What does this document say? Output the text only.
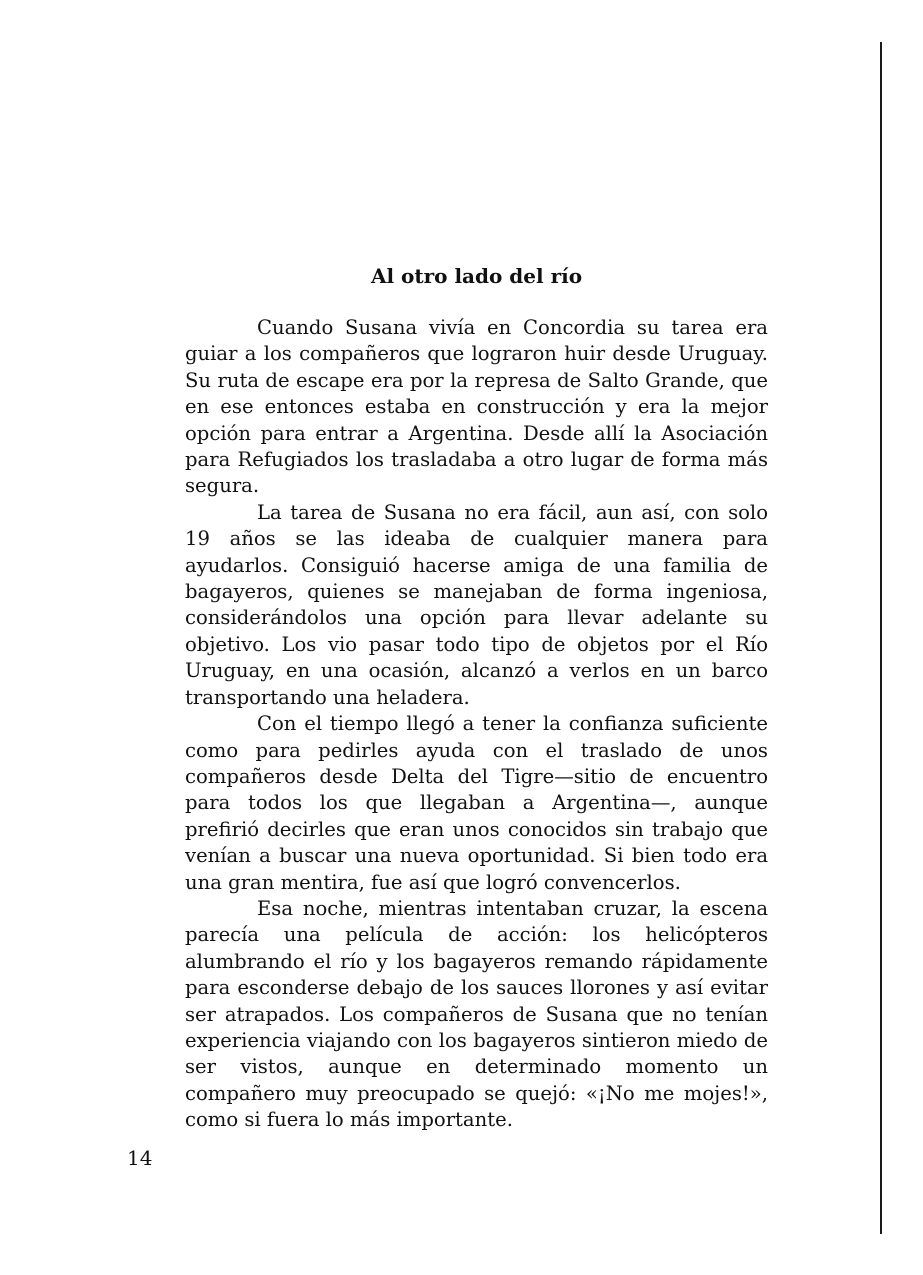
Al otro lado del río

Cuando Susana vivía en Concordia su tarea era guiar a los compañeros que lograron huir desde Uruguay. Su ruta de escape era por la represa de Salto Grande, que en ese entonces estaba en construcción y era la mejor opción para entrar a Argentina. Desde allí la Asociación para Refugiados los trasladaba a otro lugar de forma más segura.

La tarea de Susana no era fácil, aun así, con solo 19 años se las ideaba de cualquier manera para ayudarlos. Consiguió hacerse amiga de una familia de bagayeros, quienes se manejaban de forma ingeniosa, considerándolos una opción para llevar adelante su objetivo. Los vio pasar todo tipo de objetos por el Río Uruguay, en una ocasión, alcanzó a verlos en un barco transportando una heladera.

Con el tiempo llegó a tener la confianza suficiente como para pedirles ayuda con el traslado de unos compañeros desde Delta del Tigre—sitio de encuentro para todos los que llegaban a Argentina—, aunque prefirió decirles que eran unos conocidos sin trabajo que venían a buscar una nueva oportunidad. Si bien todo era una gran mentira, fue así que logró convencerlos.

Esa noche, mientras intentaban cruzar, la escena parecía una película de acción: los helicópteros alumbrando el río y los bagayeros remando rápidamente para esconderse debajo de los sauces llorones y así evitar ser atrapados. Los compañeros de Susana que no tenían experiencia viajando con los bagayeros sintieron miedo de ser vistos, aunque en determinado momento un compañero muy preocupado se quejó: «¡No me mojes!», como si fuera lo más importante.

14
